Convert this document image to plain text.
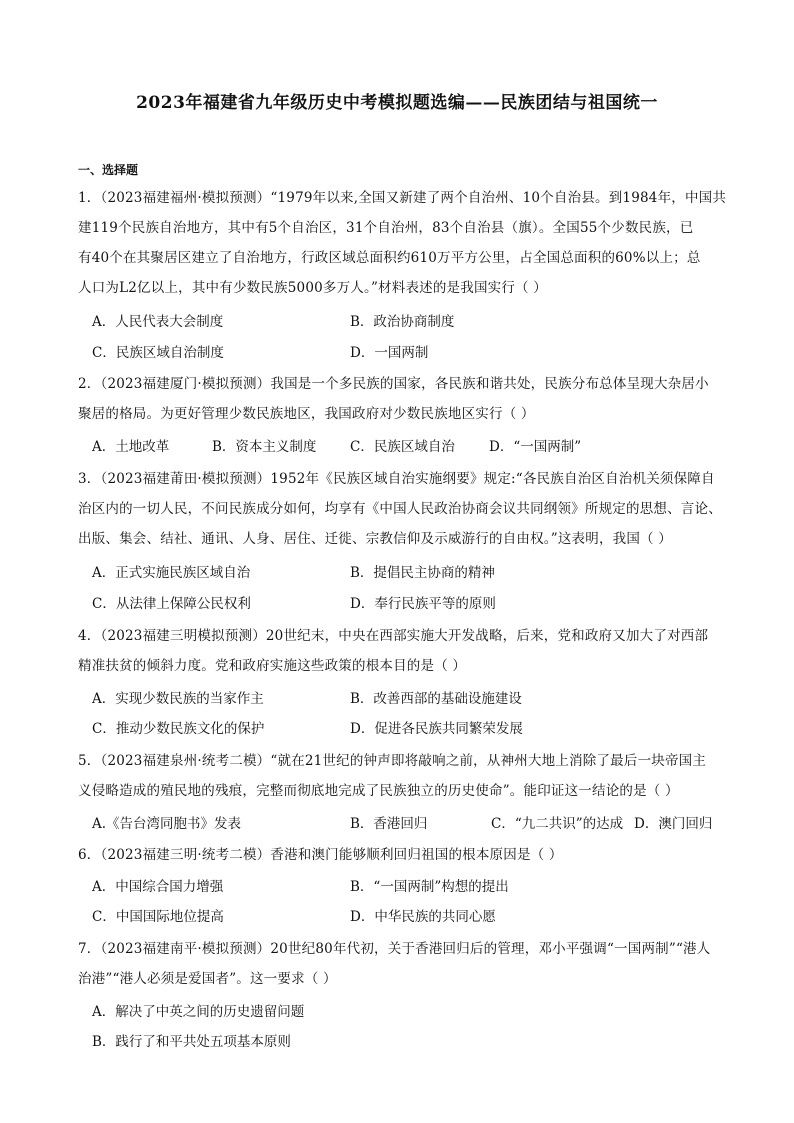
2023年福建省九年级历史中考模拟题选编——民族团结与祖国统一
一、选择题
1．（2023福建福州·模拟预测）“1979年以来,全国又新建了两个自治州、10个自治县。到1984年，中国共
建119个民族自治地方，其中有5个自治区，31个自治州，83个自治县（旗）。全国55个少数民族，已
有40个在其聚居区建立了自治地方，行政区域总面积约610万平方公里，占全国总面积的60%以上；总
人口为L2亿以上，其中有少数民族5000多万人。”材料表述的是我国实行（ ）
A．人民代表大会制度	B．政治协商制度
C．民族区域自治制度	D．一国两制
2．（2023福建厦门·模拟预测）我国是一个多民族的国家，各民族和谐共处，民族分布总体呈现大杂居小
聚居的格局。为更好管理少数民族地区，我国政府对少数民族地区实行（ ）
A．土地改革	B．资本主义制度 C．民族区域自治	D．“一国两制”
3．（2023福建莆田·模拟预测）1952年《民族区域自治实施纲要》规定:“各民族自治区自治机关须保障自
治区内的一切人民，不问民族成分如何，均享有《中国人民政治协商会议共同纲领》所规定的思想、言论、
出版、集会、结社、通讯、人身、居住、迁徙、宗教信仰及示威游行的自由权。”这表明，我国（ ）
A．正式实施民族区域自治	B．提倡民主协商的精神
C．从法律上保障公民权利	D．奉行民族平等的原则
4．（2023福建三明模拟预测）20世纪末，中央在西部实施大开发战略，后来，党和政府又加大了对西部
精准扶贫的倾斜力度。党和政府实施这些政策的根本目的是（ ）
A．实现少数民族的当家作主	B．改善西部的基础设施建设
C．推动少数民族文化的保护	D．促进各民族共同繁荣发展
5．（2023福建泉州·统考二模）“就在21世纪的钟声即将敲响之前，从神州大地上消除了最后一块帝国主
义侵略造成的殖民地的残痕，完整而彻底地完成了民族独立的历史使命”。能印证这一结论的是（ ）
A.《告台湾同胞书》发表	B．香港回归	C．“九二共识”的达成 D．澳门回归
6．（2023福建三明·统考二模）香港和澳门能够顺利回归祖国的根本原因是（ ）
A．中国综合国力增强	B．“一国两制”构想的提出
C．中国国际地位提高	D．中华民族的共同心愿
7．（2023福建南平·模拟预测）20世纪80年代初，关于香港回归后的管理，邓小平强调“一国两制”“港人
治港”“港人必须是爱国者”。这一要求（ ）
A．解决了中英之间的历史遗留问题
B．践行了和平共处五项基本原则
